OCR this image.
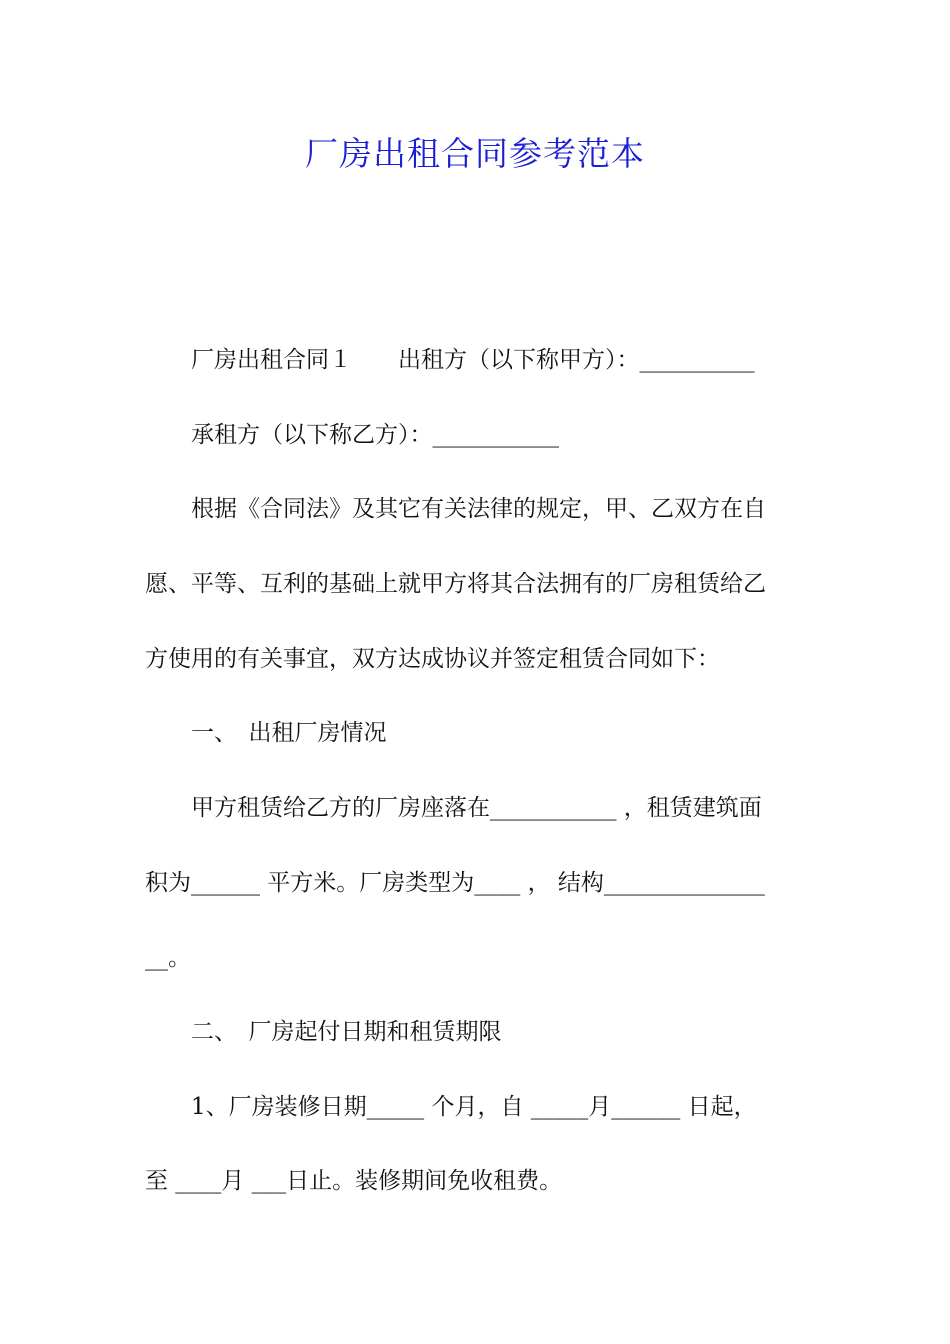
厂房出租合同参考范本
　　厂房出租合同１　　出租方（以下称甲方）：__________
　　承租方（以下称乙方）：___________
　　根据《合同法》及其它有关法律的规定，甲、乙双方在自
愿、平等、互利的基础上就甲方将其合法拥有的厂房租赁给乙
方使用的有关事宜，双方达成协议并签定租赁合同如下：
　　一、　出租厂房情况
　　甲方租赁给乙方的厂房座落在___________ ，租赁建筑面
积为______ 平方米。厂房类型为____ ， 结构______________
__。
　　二、　厂房起付日期和租赁期限
　　1、厂房装修日期_____ 个月，自 _____月______ 日起，
至 ____月 ___日止。装修期间免收租费。
